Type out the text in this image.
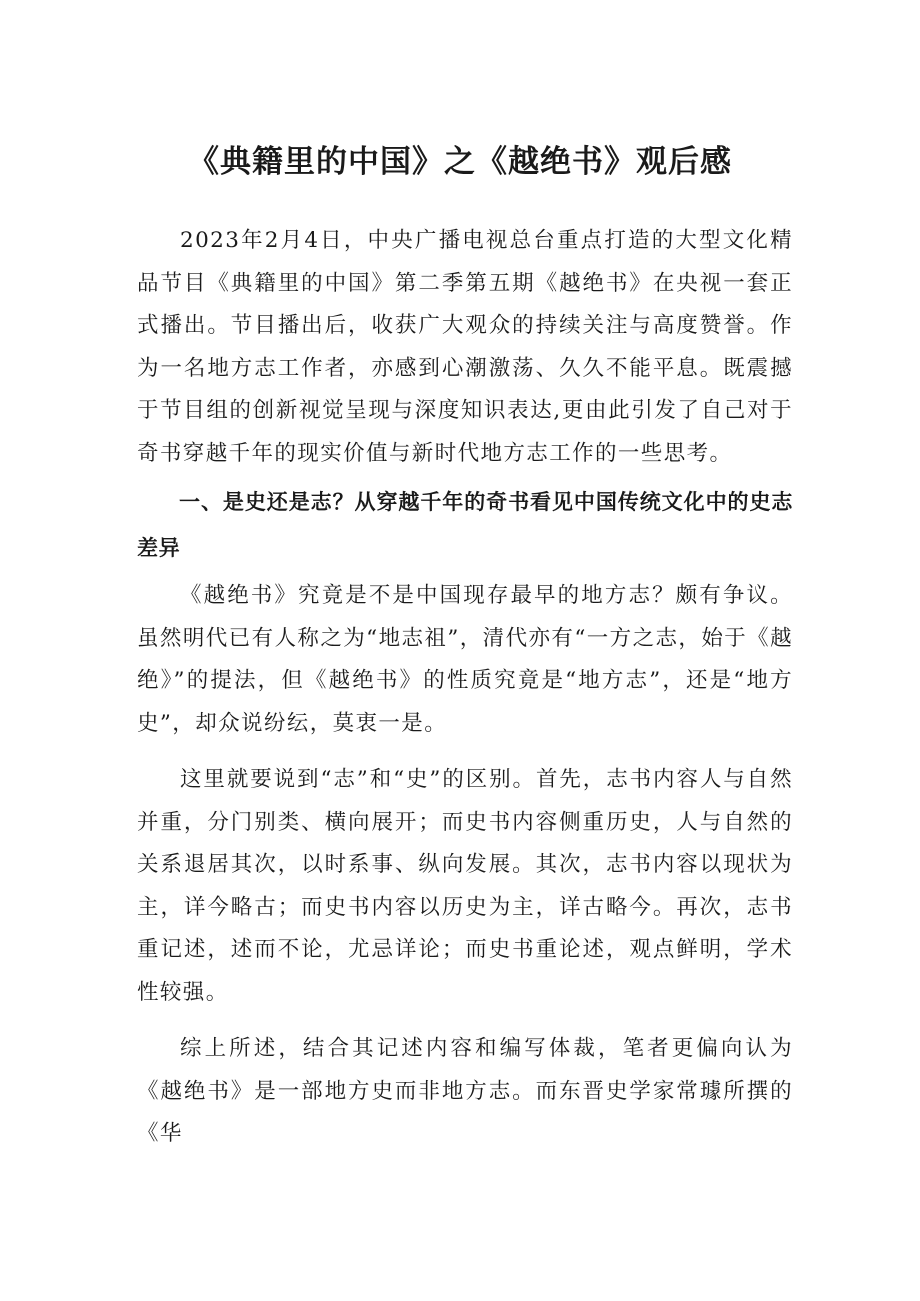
《典籍里的中国》之《越绝书》观后感

2023年2月4日，中央广播电视总台重点打造的大型文化精品节目《典籍里的中国》第二季第五期《越绝书》在央视一套正式播出。节目播出后，收获广大观众的持续关注与高度赞誉。作为一名地方志工作者，亦感到心潮激荡、久久不能平息。既震撼于节目组的创新视觉呈现与深度知识表达,更由此引发了自己对于奇书穿越千年的现实价值与新时代地方志工作的一些思考。

一、是史还是志？从穿越千年的奇书看见中国传统文化中的史志差异

《越绝书》究竟是不是中国现存最早的地方志？颇有争议。虽然明代已有人称之为“地志祖”，清代亦有“一方之志，始于《越绝》”的提法，但《越绝书》的性质究竟是“地方志”，还是“地方史”，却众说纷纭，莫衷一是。

这里就要说到“志”和“史”的区别。首先，志书内容人与自然并重，分门别类、横向展开；而史书内容侧重历史，人与自然的关系退居其次，以时系事、纵向发展。其次，志书内容以现状为主，详今略古；而史书内容以历史为主，详古略今。再次，志书重记述，述而不论，尤忌详论；而史书重论述，观点鲜明，学术性较强。

综上所述，结合其记述内容和编写体裁，笔者更偏向认为《越绝书》是一部地方史而非地方志。而东晋史学家常璩所撰的《华
